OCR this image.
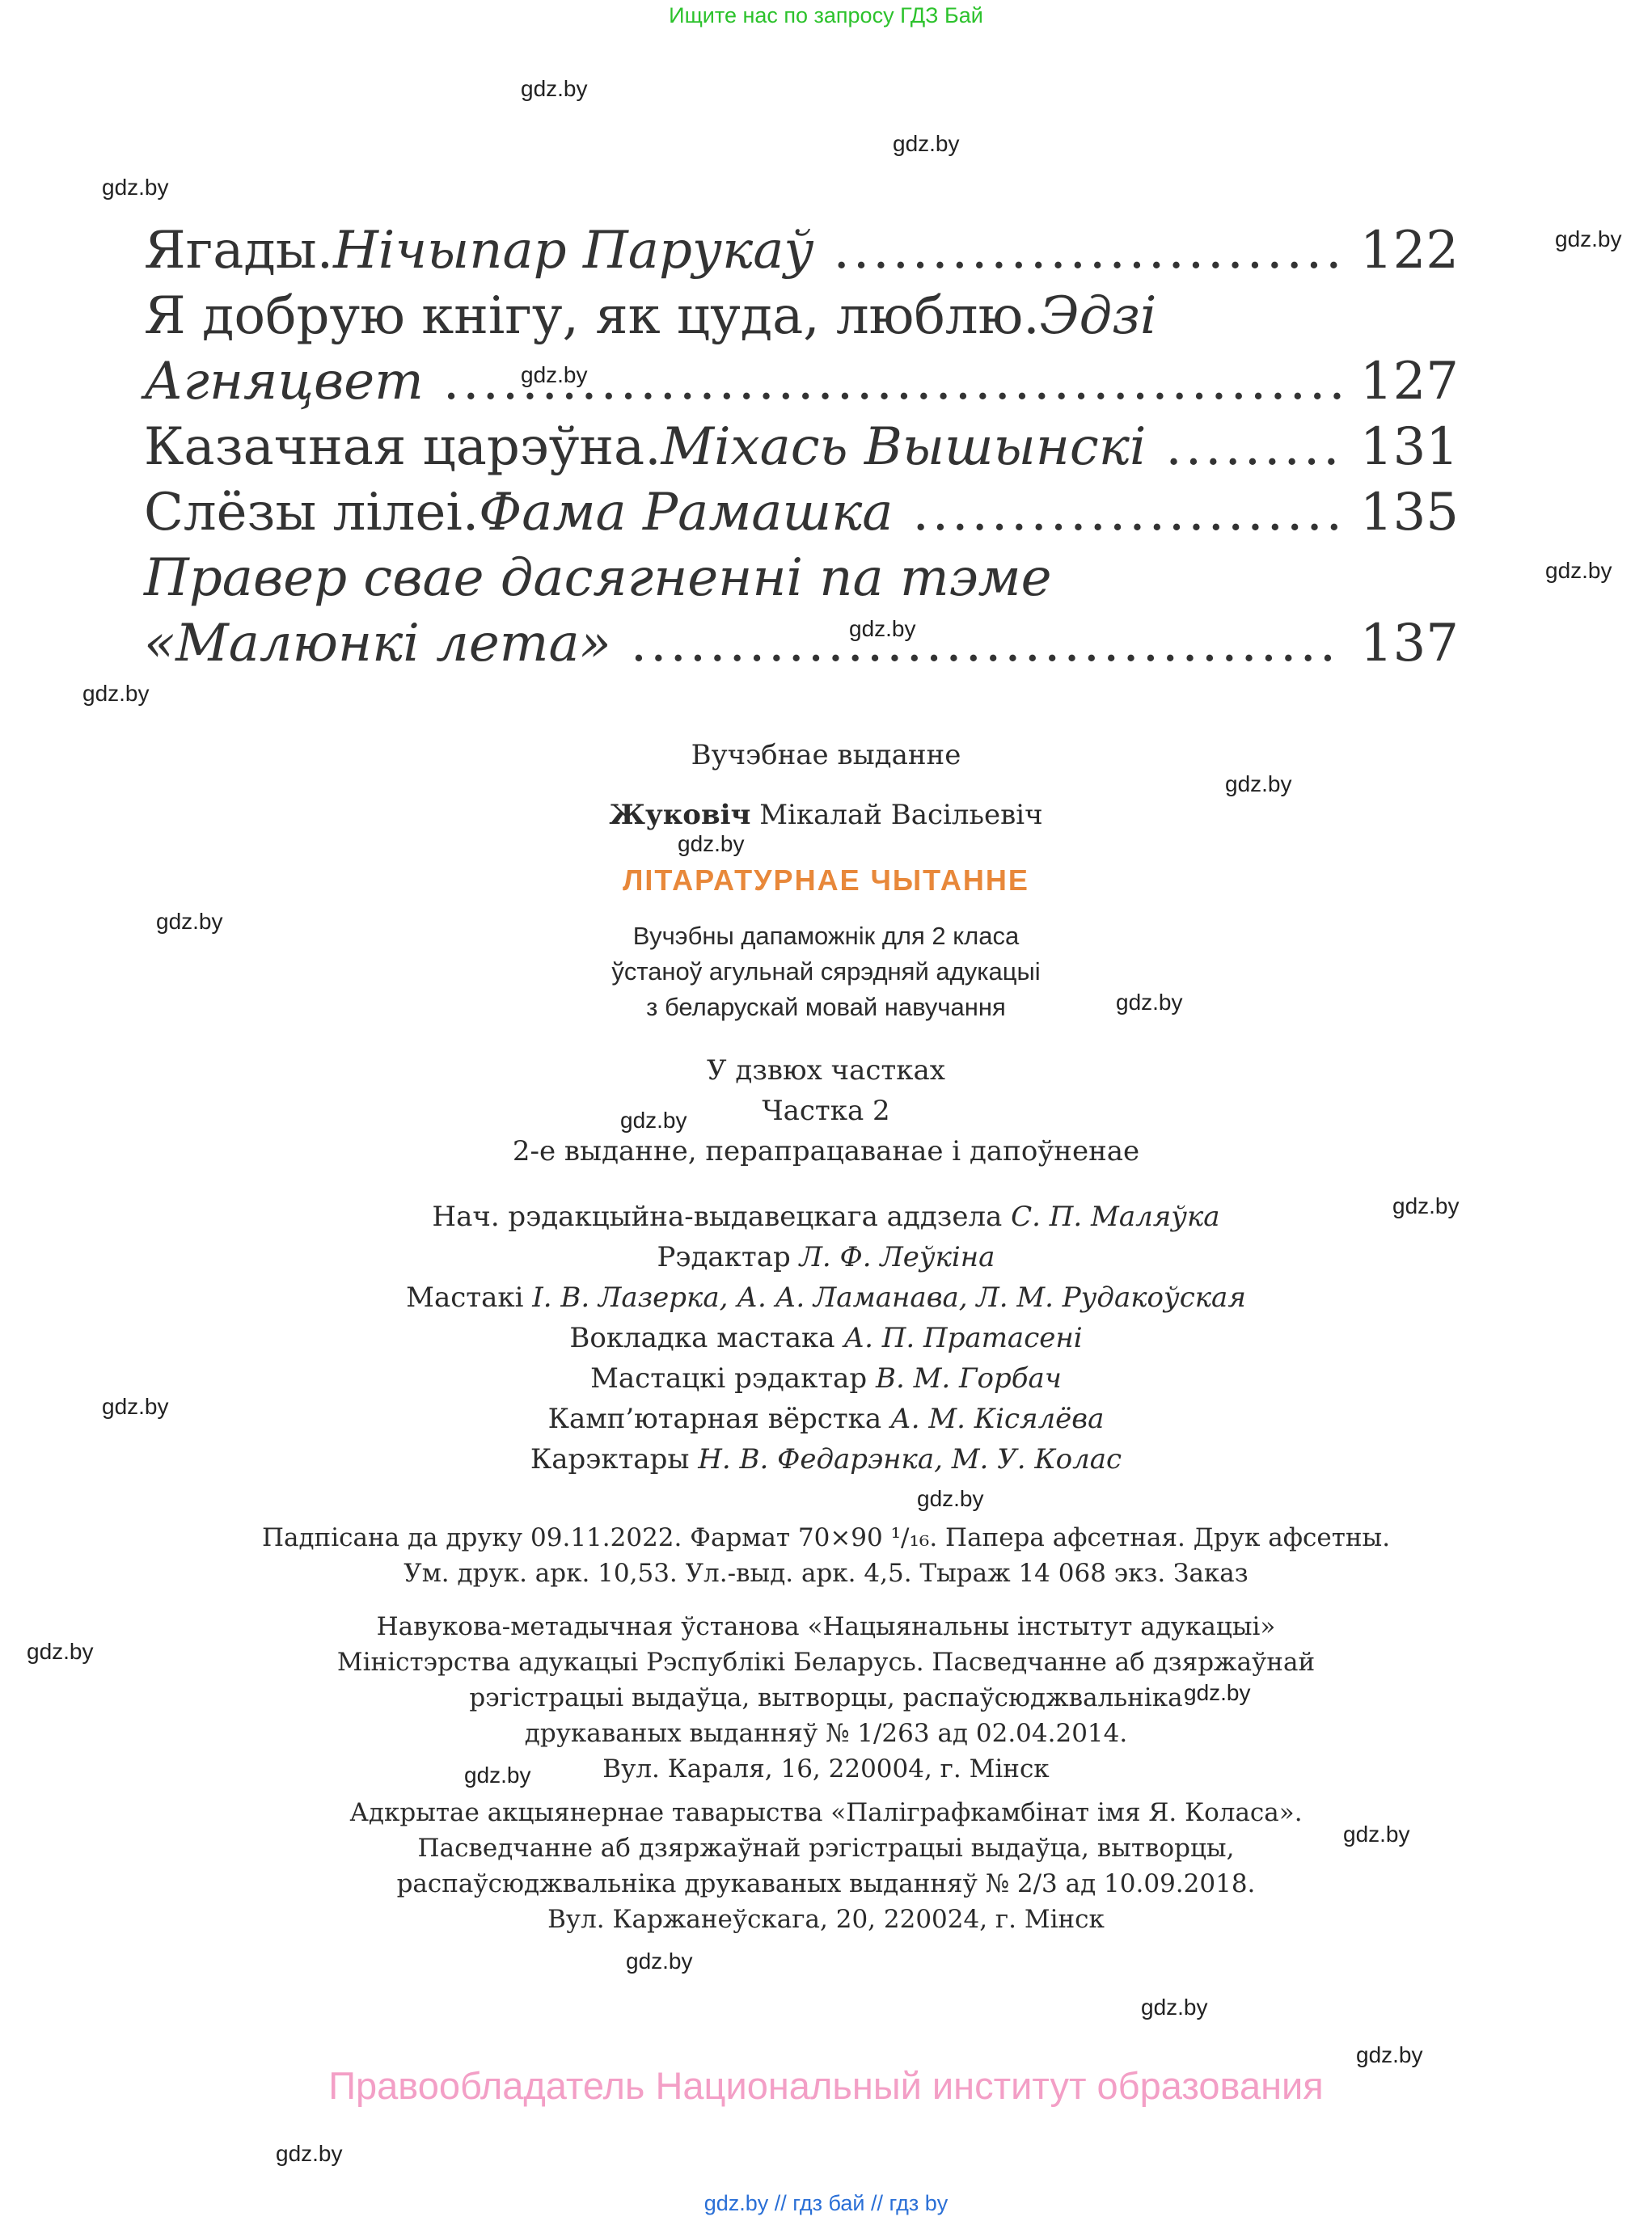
Ищите нас по запросу ГДЗ Бай
gdz.by
gdz.by
gdz.by
gdz.by
gdz.by
gdz.by
gdz.by
gdz.by
gdz.by
gdz.by
gdz.by
gdz.by
gdz.by
gdz.by
gdz.by
gdz.by
gdz.by
gdz.by
gdz.by
gdz.by
gdz.by
gdz.by
gdz.by
gdz.by
Ягады. Нічыпар Парукаў .....	122
Я добрую кнігу, як цуда, люблю. Эдзі
Агняцвет .....	127
Казачная царэўна. Міхась Вышынскі .....	131
Слёзы лілеі. Фама Рамашка .....	135
Правер свае дасягненні па тэме
«Малюнкі лета» .....	137
Вучэбнае выданне
Жуковіч Мікалай Васільевіч
ЛІТАРАТУРНАЕ ЧЫТАННЕ
Вучэбны дапаможнік для 2 класа
ўстаноў агульнай сярэдняй адукацыі
з беларускай мовай навучання
У дзвюх частках
Частка 2
2-е выданне, перапрацаванае і дапоўненае
Нач. рэдакцыйна-выдавецкага аддзела С. П. Маляўка
Рэдактар Л. Ф. Леўкіна
Мастакі І. В. Лазерка, А. А. Ламанава, Л. М. Рудакоўская
Вокладка мастака А. П. Пратасені
Мастацкі рэдактар В. М. Горбач
Камп’ютарная вёрстка А. М. Кісялёва
Карэктары Н. В. Федарэнка, М. У. Колас
Падпісана да друку 09.11.2022. Фармат 70×90 ¹/₁₆. Папера афсетная. Друк афсетны.
Ум. друк. арк. 10,53. Ул.-выд. арк. 4,5. Тыраж 14 068 экз. Заказ
Навукова-метадычная ўстанова «Нацыянальны інстытут адукацыі»
Міністэрства адукацыі Рэспублікі Беларусь. Пасведчанне аб дзяржаўнай
рэгістрацыі выдаўца, вытворцы, распаўсюджвальніка
друкаваных выданняў № 1/263 ад 02.04.2014.
Вул. Караля, 16, 220004, г. Мінск
Адкрытае акцыянернае таварыства «Паліграфкамбінат імя Я. Коласа».
Пасведчанне аб дзяржаўнай рэгістрацыі выдаўца, вытворцы,
распаўсюджвальніка друкаваных выданняў № 2/3 ад 10.09.2018.
Вул. Каржанеўскага, 20, 220024, г. Мінск
Правообладатель Национальный институт образования
gdz.by // гдз бай // гдз by
